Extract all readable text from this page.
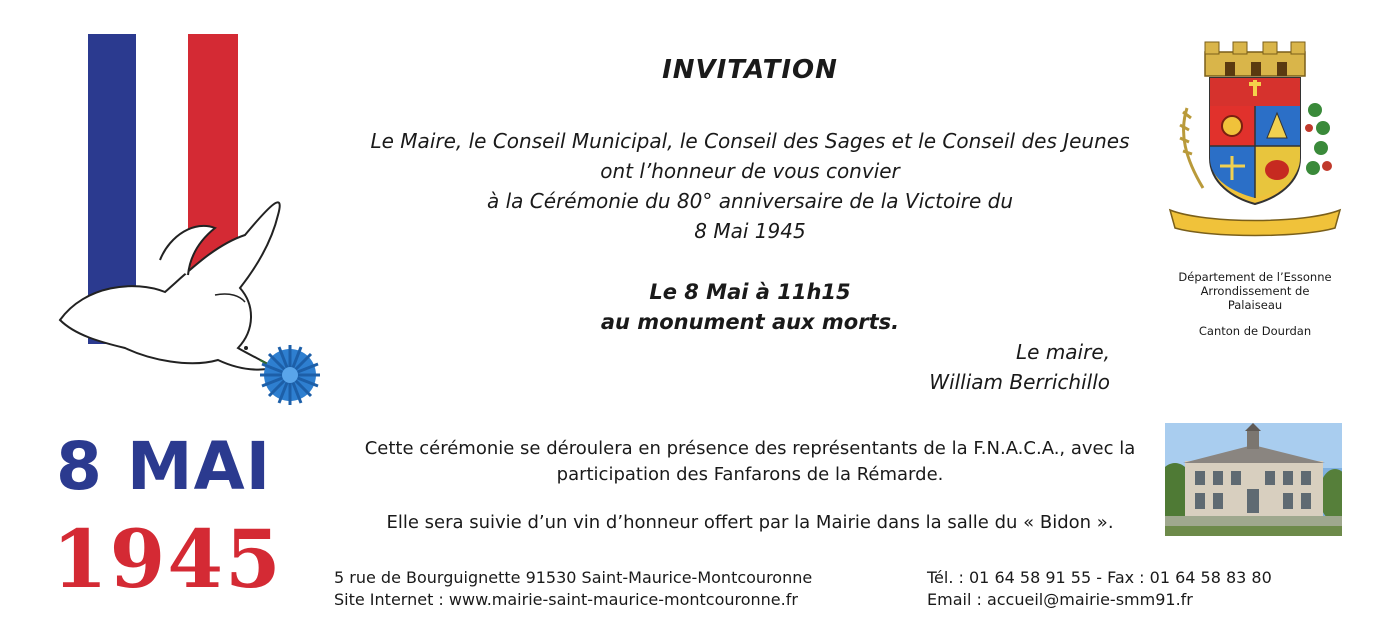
8 MAI
1945
INVITATION
Le Maire, le Conseil Municipal, le Conseil des Sages et le Conseil des Jeunes
ont l’honneur de vous convier
à la Cérémonie du 80° anniversaire de la Victoire du
8 Mai 1945
Le 8 Mai à 11h15
au monument aux morts.
Le maire,
William Berrichillo
Cette cérémonie se déroulera en présence des représentants de la F.N.A.C.A., avec la
participation des Fanfarons de la Rémarde.
Elle sera suivie d’un vin d’honneur offert par la Mairie dans la salle du « Bidon ».
Département de l’Essonne
Arrondissement de
Palaiseau
Canton de Dourdan
5 rue de Bourguignette 91530 Saint-Maurice-Montcouronne
Site Internet : www.mairie-saint-maurice-montcouronne.fr
Tél. : 01 64 58 91 55 - Fax : 01 64 58 83 80
Email : accueil@mairie-smm91.fr
